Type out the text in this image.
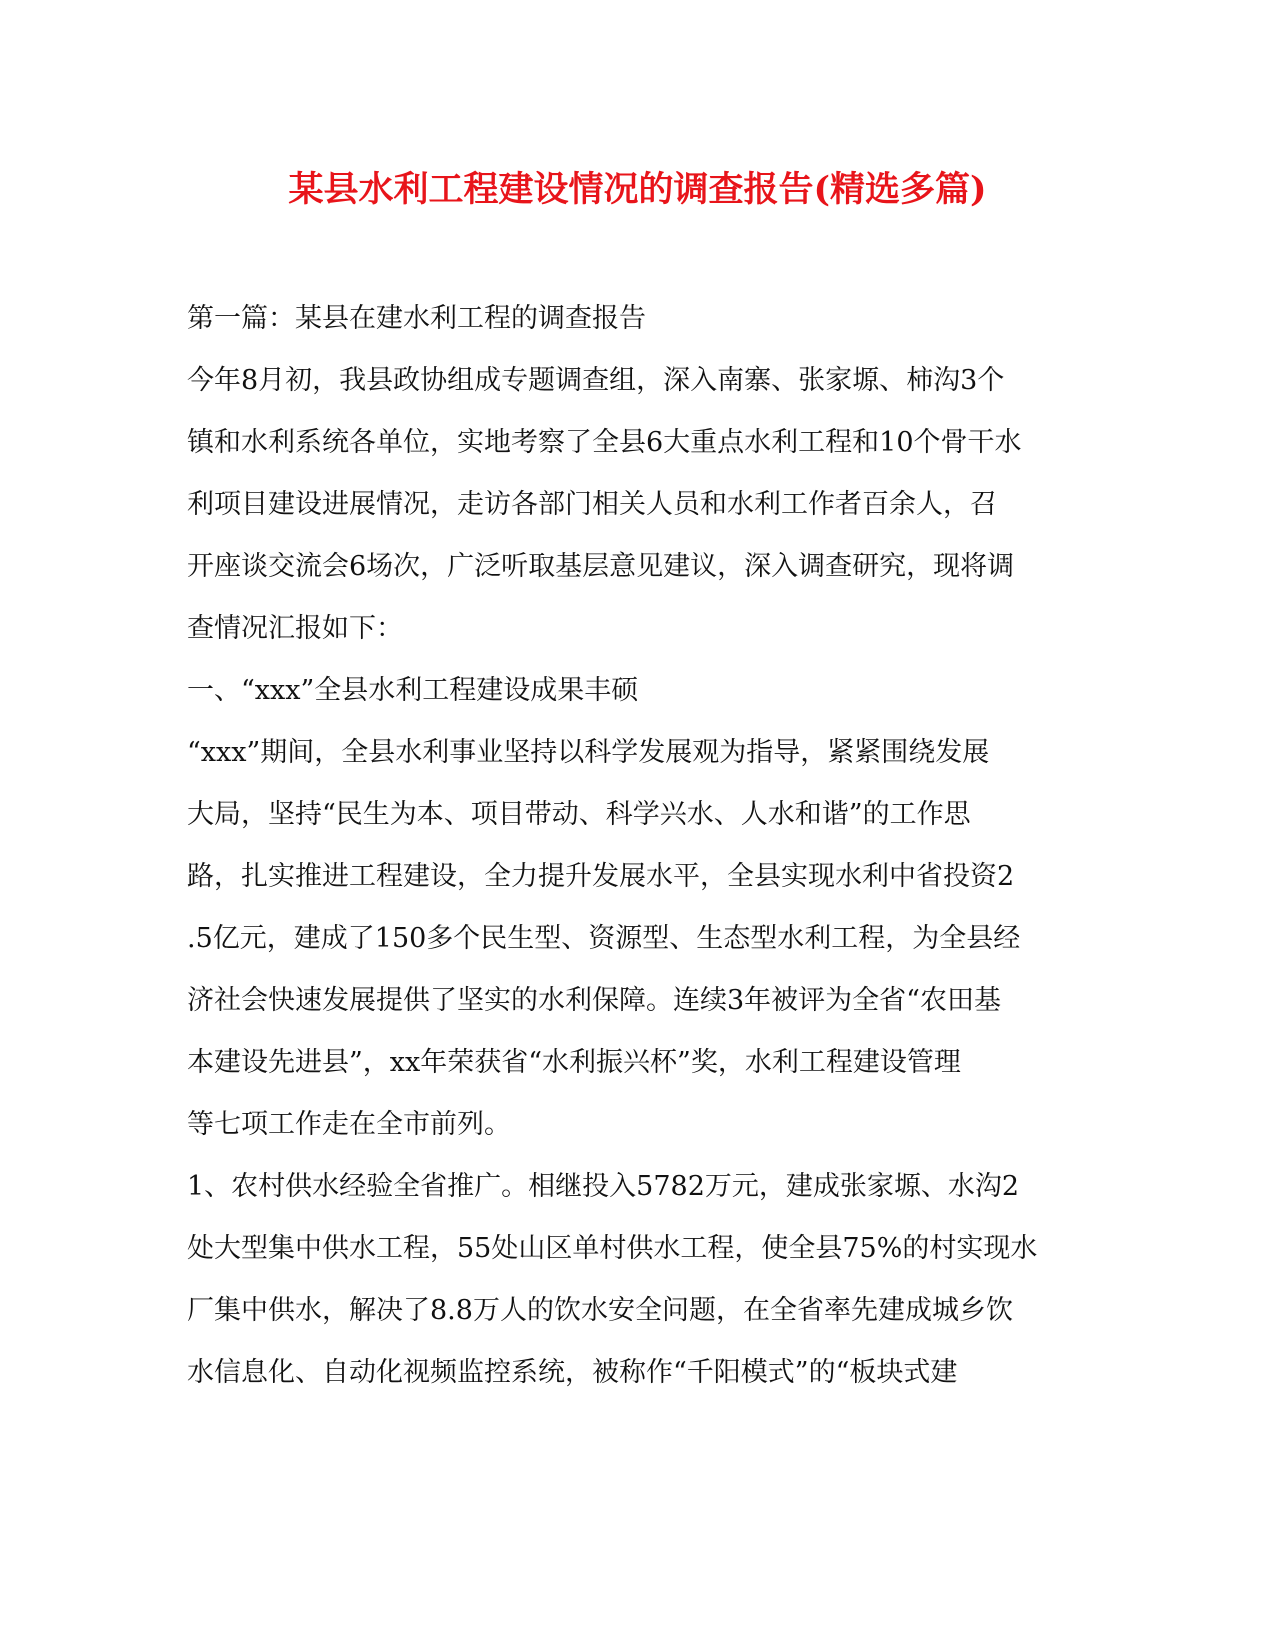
某县水利工程建设情况的调查报告(精选多篇)
第一篇：某县在建水利工程的调查报告
今年8月初，我县政协组成专题调查组，深入南寨、张家塬、柿沟3个
镇和水利系统各单位，实地考察了全县6大重点水利工程和10个骨干水
利项目建设进展情况，走访各部门相关人员和水利工作者百余人，召
开座谈交流会6场次，广泛听取基层意见建议，深入调查研究，现将调
查情况汇报如下：
一、“xxx”全县水利工程建设成果丰硕
“xxx”期间，全县水利事业坚持以科学发展观为指导，紧紧围绕发展
大局，坚持“民生为本、项目带动、科学兴水、人水和谐”的工作思
路，扎实推进工程建设，全力提升发展水平，全县实现水利中省投资2
.5亿元，建成了150多个民生型、资源型、生态型水利工程，为全县经
济社会快速发展提供了坚实的水利保障。连续3年被评为全省“农田基
本建设先进县”，xx年荣获省“水利振兴杯”奖，水利工程建设管理
等七项工作走在全市前列。
1、农村供水经验全省推广。相继投入5782万元，建成张家塬、水沟2
处大型集中供水工程，55处山区单村供水工程，使全县75%的村实现水
厂集中供水，解决了8.8万人的饮水安全问题，在全省率先建成城乡饮
水信息化、自动化视频监控系统，被称作“千阳模式”的“板块式建
